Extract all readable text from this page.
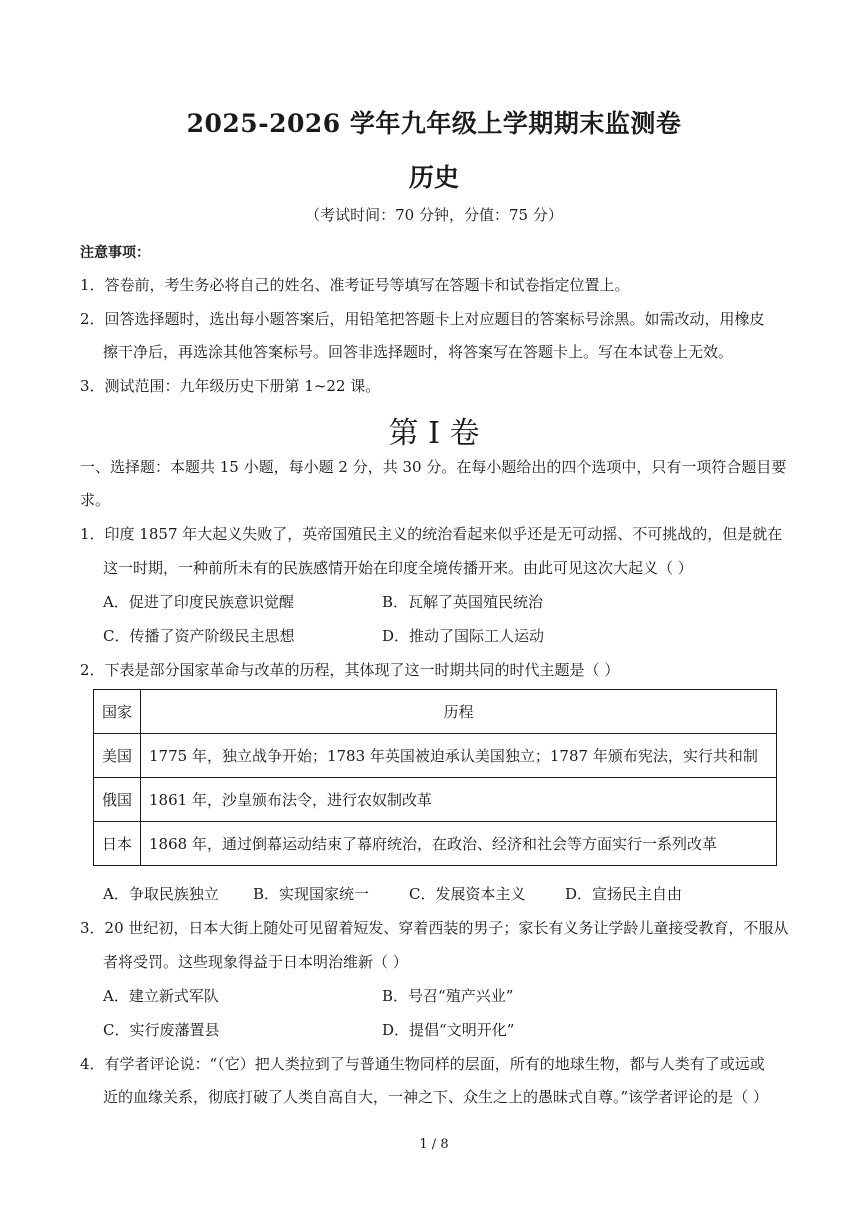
2025-2026 学年九年级上学期期末监测卷
历史
（考试时间：70 分钟，分值：75 分）
注意事项：
1．答卷前，考生务必将自己的姓名、准考证号等填写在答题卡和试卷指定位置上。
2．回答选择题时，选出每小题答案后，用铅笔把答题卡上对应题目的答案标号涂黑。如需改动，用橡皮
擦干净后，再选涂其他答案标号。回答非选择题时，将答案写在答题卡上。写在本试卷上无效。
3．测试范围：九年级历史下册第 1~22 课。
第 I 卷
一、选择题：本题共 15 小题，每小题 2 分，共 30 分。在每小题给出的四个选项中，只有一项符合题目要
求。
1．印度 1857 年大起义失败了，英帝国殖民主义的统治看起来似乎还是无可动摇、不可挑战的，但是就在
这一时期，一种前所未有的民族感情开始在印度全境传播开来。由此可见这次大起义（ ）
A．促进了印度民族意识觉醒	B．瓦解了英国殖民统治
C．传播了资产阶级民主思想	D．推动了国际工人运动
2．下表是部分国家革命与改革的历程，其体现了这一时期共同的时代主题是（ ）
国家	历程
美国	1775 年，独立战争开始；1783 年英国被迫承认美国独立；1787 年颁布宪法，实行共和制
俄国	1861 年，沙皇颁布法令，进行农奴制改革
日本	1868 年，通过倒幕运动结束了幕府统治，在政治、经济和社会等方面实行一系列改革
A．争取民族独立 B．实现国家统一	C．发展资本主义	D．宣扬民主自由
3．20 世纪初，日本大街上随处可见留着短发、穿着西装的男子；家长有义务让学龄儿童接受教育，不服从
者将受罚。这些现象得益于日本明治维新（ ）
A．建立新式军队	B．号召“殖产兴业”
C．实行废藩置县	D．提倡“文明开化”
4．有学者评论说：“（它）把人类拉到了与普通生物同样的层面，所有的地球生物，都与人类有了或远或
近的血缘关系，彻底打破了人类自高自大，一神之下、众生之上的愚昧式自尊。”该学者评论的是（ ）
1 / 8
